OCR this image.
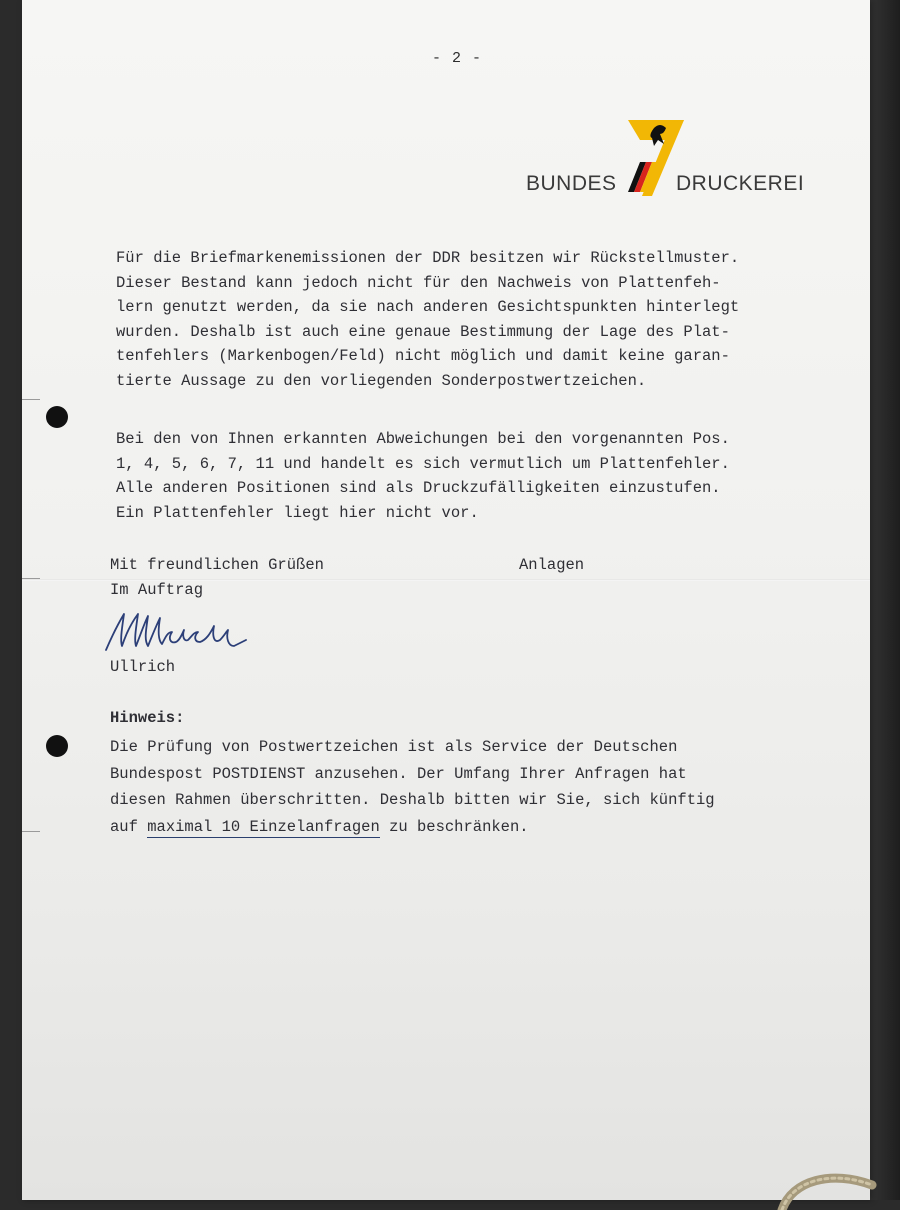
- 2 -
BUNDES	DRUCKEREI
Für die Briefmarkenemissionen der DDR besitzen wir Rückstellmuster.
Dieser Bestand kann jedoch nicht für den Nachweis von Plattenfeh-
lern genutzt werden, da sie nach anderen Gesichtspunkten hinterlegt
wurden. Deshalb ist auch eine genaue Bestimmung der Lage des Plat-
tenfehlers (Markenbogen/Feld) nicht möglich und damit keine garan-
tierte Aussage zu den vorliegenden Sonderpostwertzeichen.
Bei den von Ihnen erkannten Abweichungen bei den vorgenannten Pos.
1, 4, 5, 6, 7, 11 und handelt es sich vermutlich um Plattenfehler.
Alle anderen Positionen sind als Druckzufälligkeiten einzustufen.
Ein Plattenfehler liegt hier nicht vor.
Mit freundlichen Grüßen	Anlagen
Im Auftrag
Ullrich
Hinweis:
Die Prüfung von Postwertzeichen ist als Service der Deutschen
Bundespost POSTDIENST anzusehen. Der Umfang Ihrer Anfragen hat
diesen Rahmen überschritten. Deshalb bitten wir Sie, sich künftig
auf maximal 10 Einzelanfragen zu beschränken.
